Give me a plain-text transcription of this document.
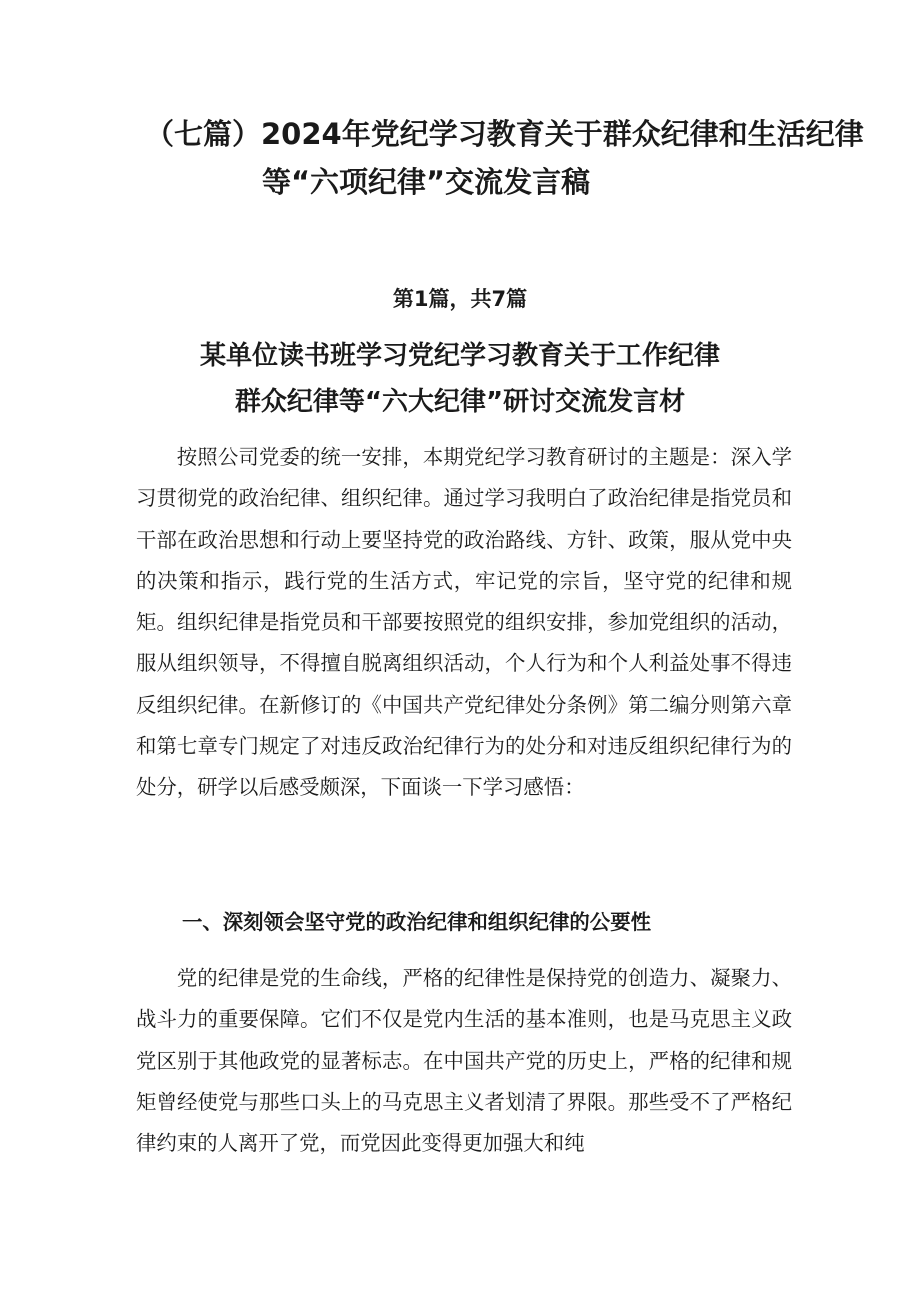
（七篇）2024年党纪学习教育关于群众纪律和生活纪律
等“六项纪律”交流发言稿

第1篇，共7篇

某单位读书班学习党纪学习教育关于工作纪律
群众纪律等“六大纪律”研讨交流发言材

按照公司党委的统一安排，本期党纪学习教育研讨的主题是：深入学习贯彻党的政治纪律、组织纪律。通过学习我明白了政治纪律是指党员和干部在政治思想和行动上要坚持党的政治路线、方针、政策，服从党中央的决策和指示，践行党的生活方式，牢记党的宗旨，坚守党的纪律和规矩。组织纪律是指党员和干部要按照党的组织安排，参加党组织的活动，服从组织领导，不得擅自脱离组织活动，个人行为和个人利益处事不得违反组织纪律。在新修订的《中国共产党纪律处分条例》第二编分则第六章和第七章专门规定了对违反政治纪律行为的处分和对违反组织纪律行为的处分，研学以后感受颇深，下面谈一下学习感悟：

一、深刻领会坚守党的政治纪律和组织纪律的公要性

党的纪律是党的生命线，严格的纪律性是保持党的创造力、凝聚力、战斗力的重要保障。它们不仅是党内生活的基本准则，也是马克思主义政党区别于其他政党的显著标志。在中国共产党的历史上，严格的纪律和规矩曾经使党与那些口头上的马克思主义者划清了界限。那些受不了严格纪律约束的人离开了党，而党因此变得更加强大和纯
